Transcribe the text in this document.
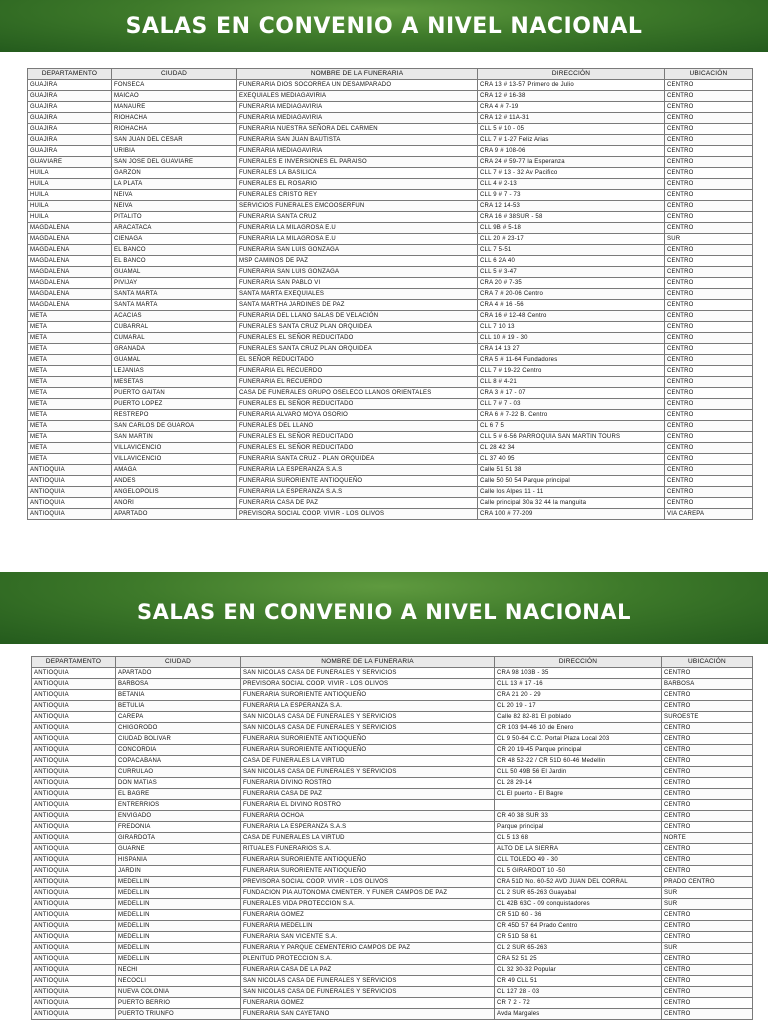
SALAS EN CONVENIO A NIVEL NACIONAL
DEPARTAMENTO	CIUDAD	NOMBRE DE LA FUNERARIA	DIRECCIÓN	UBICACIÓN
GUAJIRA	FONSECA	FUNERARIA DIOS SOCORREA UN DESAMPARADO	CRA 13 # 13-57 Primero de Julio	CENTRO
GUAJIRA	MAICAO	EXEQUIALES MEDIAGAVIRIA	CRA 12 # 16-38	CENTRO
GUAJIRA	MANAURE	FUNERARIA MEDIAGAVIRIA	CRA 4 # 7-19	CENTRO
GUAJIRA	RIOHACHA	FUNERARIA MEDIAGAVIRIA	CRA 12 # 11A-31	CENTRO
GUAJIRA	RIOHACHA	FUNERARIA NUESTRA SEÑORA DEL CARMEN	CLL 5 # 10 - 05	CENTRO
GUAJIRA	SAN JUAN DEL CESAR	FUNERARIA SAN JUAN BAUTISTA	CLL 7 # 1-27 Feliz Arias	CENTRO
GUAJIRA	URIBIA	FUNERARIA MEDIAGAVIRIA	CRA 9 # 108-06	CENTRO
GUAVIARE	SAN JOSE DEL GUAVIARE	FUNERALES E INVERSIONES EL PARAISO	CRA 24 # 59-77 la Esperanza	CENTRO
HUILA	GARZON	FUNERALES LA BASILICA	CLL 7 # 13 - 32 Av Pacifico	CENTRO
HUILA	LA PLATA	FUNERALES EL ROSARIO	CLL 4 # 2-13	CENTRO
HUILA	NEIVA	FUNERALES CRISTO REY	CLL 9 # 7 - 73	CENTRO
HUILA	NEIVA	SERVICIOS FUNERALES EMCOOSERFUN	CRA 12 14-53	CENTRO
HUILA	PITALITO	FUNERARIA SANTA CRUZ	CRA 16 # 38SUR - 58	CENTRO
MAGDALENA	ARACATACA	FUNERARIA LA MILAGROSA E.U	CLL 9B # 5-18	CENTRO
MAGDALENA	CIENAGA	FUNERARIA LA MILAGROSA E.U	CLL 20 # 23-17	SUR
MAGDALENA	EL BANCO	FUNERARIA SAN LUIS GONZAGA	CLL 7 5-51	CENTRO
MAGDALENA	EL BANCO	MSP CAMINOS DE PAZ	CLL 6 2A 40	CENTRO
MAGDALENA	GUAMAL	FUNERARIA SAN LUIS GONZAGA	CLL 5 # 3-47	CENTRO
MAGDALENA	PIVIJAY	FUNERARIA SAN PABLO VI	CRA 20 # 7-35	CENTRO
MAGDALENA	SANTA MARTA	SANTA MARTA EXEQUIALES	CRA 7 # 20-06 Centro	CENTRO
MAGDALENA	SANTA MARTA	SANTA MARTHA JARDINES DE PAZ	CRA 4 # 16 -56	CENTRO
META	ACACIAS	FUNERARIA DEL LLANO SALAS DE VELACIÓN	CRA 16 # 12-48 Centro	CENTRO
META	CUBARRAL	FUNERALES SANTA CRUZ PLAN ORQUIDEA	CLL 7 10 13	CENTRO
META	CUMARAL	FUNERALES EL SEÑOR REDUCITADO	CLL 10 # 19 - 30	CENTRO
META	GRANADA	FUNERALES SANTA CRUZ PLAN ORQUIDEA	CRA 14 13 27	CENTRO
META	GUAMAL	EL SEÑOR REDUCITADO	CRA 5 # 11-64 Fundadores	CENTRO
META	LEJANIAS	FUNERARIA EL RECUERDO	CLL 7 # 19-22 Centro	CENTRO
META	MESETAS	FUNERARIA EL RECUERDO	CLL 8 # 4-21	CENTRO
META	PUERTO GAITAN	CASA DE FUNERALES GRUPO OSELECO LLANOS ORIENTALES	CRA 3 # 17 - 07	CENTRO
META	PUERTO LOPEZ	FUNERALES EL SEÑOR REDUCITADO	CLL 7 # 7 - 03	CENTRO
META	RESTREPO	FUNERARIA ALVARO MOYA OSORIO	CRA 6 # 7-22 B. Centro	CENTRO
META	SAN CARLOS DE GUAROA	FUNERALES DEL LLANO	CL 6 7 5	CENTRO
META	SAN MARTIN	FUNERALES EL SEÑOR REDUCITADO	CLL 5 # 6-56 PARROQUIA SAN MARTIN TOURS	CENTRO
META	VILLAVICENCIO	FUNERALES EL SEÑOR REDUCITADO	CL 28 42 34	CENTRO
META	VILLAVICENCIO	FUNERARIA SANTA CRUZ - PLAN ORQUIDEA	CL 37 40 95	CENTRO
ANTIOQUIA	AMAGA	FUNERARIA LA ESPERANZA S.A.S	Calle 51 51 38	CENTRO
ANTIOQUIA	ANDES	FUNERARIA SURORIENTE ANTIOQUEÑO	Calle 50 50 54 Parque principal	CENTRO
ANTIOQUIA	ANGELOPOLIS	FUNERARIA LA ESPERANZA S.A.S	Calle los Alpes 11 - 11	CENTRO
ANTIOQUIA	ANORI	FUNERARIA CASA DE PAZ	Calle principal 30a 32 44 la manguita	CENTRO
ANTIOQUIA	APARTADO	PREVISORA SOCIAL COOP. VIVIR - LOS OLIVOS	CRA 100 # 77-209	VIA CAREPA
SALAS EN CONVENIO A NIVEL NACIONAL
DEPARTAMENTO	CIUDAD	NOMBRE DE LA FUNERARIA	DIRECCIÓN	UBICACIÓN
ANTIOQUIA	APARTADO	SAN NICOLAS CASA DE FUNERALES Y SERVICIOS	CRA 98 103B - 35	CENTRO
ANTIOQUIA	BARBOSA	PREVISORA SOCIAL COOP. VIVIR - LOS OLIVOS	CLL 13 # 17 -16	BARBOSA
ANTIOQUIA	BETANIA	FUNERARIA SURORIENTE ANTIOQUEÑO	CRA 21 20 - 29	CENTRO
ANTIOQUIA	BETULIA	FUNERARIA LA ESPERANZA S.A.	CL 20 19 - 17	CENTRO
ANTIOQUIA	CAREPA	SAN NICOLAS CASA DE FUNERALES Y SERVICIOS	Calle 82 82-81 El poblado	SUROESTE
ANTIOQUIA	CHIGORODO	SAN NICOLAS CASA DE FUNERALES Y SERVICIOS	CR 103 94-46 10 de Enero	CENTRO
ANTIOQUIA	CIUDAD BOLIVAR	FUNERARIA SURORIENTE ANTIOQUEÑO	CL 9 50-64 C.C. Portal Plaza Local 203	CENTRO
ANTIOQUIA	CONCORDIA	FUNERARIA SURORIENTE ANTIOQUEÑO	CR 20 19-45 Parque principal	CENTRO
ANTIOQUIA	COPACABANA	CASA DE FUNERALES LA VIRTUD	CR 48 52-22 / CR 51D 60-46 Medellin	CENTRO
ANTIOQUIA	CURRULAO	SAN NICOLAS CASA DE FUNERALES Y SERVICIOS	CLL 50 49B 56 El Jardin	CENTRO
ANTIOQUIA	DON MATIAS	FUNERARIA DIVINO ROSTRO	CL 28 29-14	CENTRO
ANTIOQUIA	EL BAGRE	FUNERARIA CASA DE PAZ	CL El puerto - El Bagre	CENTRO
ANTIOQUIA	ENTRERRIOS	FUNERARIA EL DIVINO ROSTRO		CENTRO
ANTIOQUIA	ENVIGADO	FUNERARIA OCHOA	CR 40 38 SUR 33	CENTRO
ANTIOQUIA	FREDONIA	FUNERARIA LA ESPERANZA S.A.S	Parque principal	CENTRO
ANTIOQUIA	GIRARDOTA	CASA DE FUNERALES LA VIRTUD	CL 5 13 68	NORTE
ANTIOQUIA	GUARNE	RITUALES FUNERARIOS S.A.	ALTO DE LA SIERRA	CENTRO
ANTIOQUIA	HISPANIA	FUNERARIA SURORIENTE ANTIOQUEÑO	CLL TOLEDO 49 - 30	CENTRO
ANTIOQUIA	JARDIN	FUNERARIA SURORIENTE ANTIOQUEÑO	CL 5 GIRARDOT 10 -50	CENTRO
ANTIOQUIA	MEDELLIN	PREVISORA SOCIAL COOP. VIVIR - LOS OLIVOS	CRA 51D No. 60-52 AVD JUAN DEL CORRAL	PRADO CENTRO
ANTIOQUIA	MEDELLIN	FUNDACION PIA AUTONOMA CMENTER. Y FUNER CAMPOS DE PAZ	CL 2 SUR 65-263 Guayabal	SUR
ANTIOQUIA	MEDELLIN	FUNERALES VIDA PROTECCION S.A.	CL 42B 63C - 09 conquistadores	SUR
ANTIOQUIA	MEDELLIN	FUNERARIA GOMEZ	CR 51D 60 - 36	CENTRO
ANTIOQUIA	MEDELLIN	FUNERARIA MEDELLIN	CR 45D 57 64 Prado Centro	CENTRO
ANTIOQUIA	MEDELLIN	FUNERARIA SAN VICENTE S.A.	CR 51D 58 61	CENTRO
ANTIOQUIA	MEDELLIN	FUNERARIA Y PARQUE CEMENTERIO CAMPOS DE PAZ	CL 2 SUR 65-263	SUR
ANTIOQUIA	MEDELLIN	PLENITUD PROTECCION S.A.	CRA 52 51 25	CENTRO
ANTIOQUIA	NECHI	FUNERARIA CASA DE LA PAZ	CL 32 30-32 Popular	CENTRO
ANTIOQUIA	NECOCLI	SAN NICOLAS CASA DE FUNERALES Y SERVICIOS	CR 49 CLL 51	CENTRO
ANTIOQUIA	NUEVA COLONIA	SAN NICOLAS CASA DE FUNERALES Y SERVICIOS	CL 127 28 - 03	CENTRO
ANTIOQUIA	PUERTO BERRIO	FUNERARIA GOMEZ	CR 7 2 - 72	CENTRO
ANTIOQUIA	PUERTO TRIUNFO	FUNERARIA SAN CAYETANO	Avda Margales	CENTRO
